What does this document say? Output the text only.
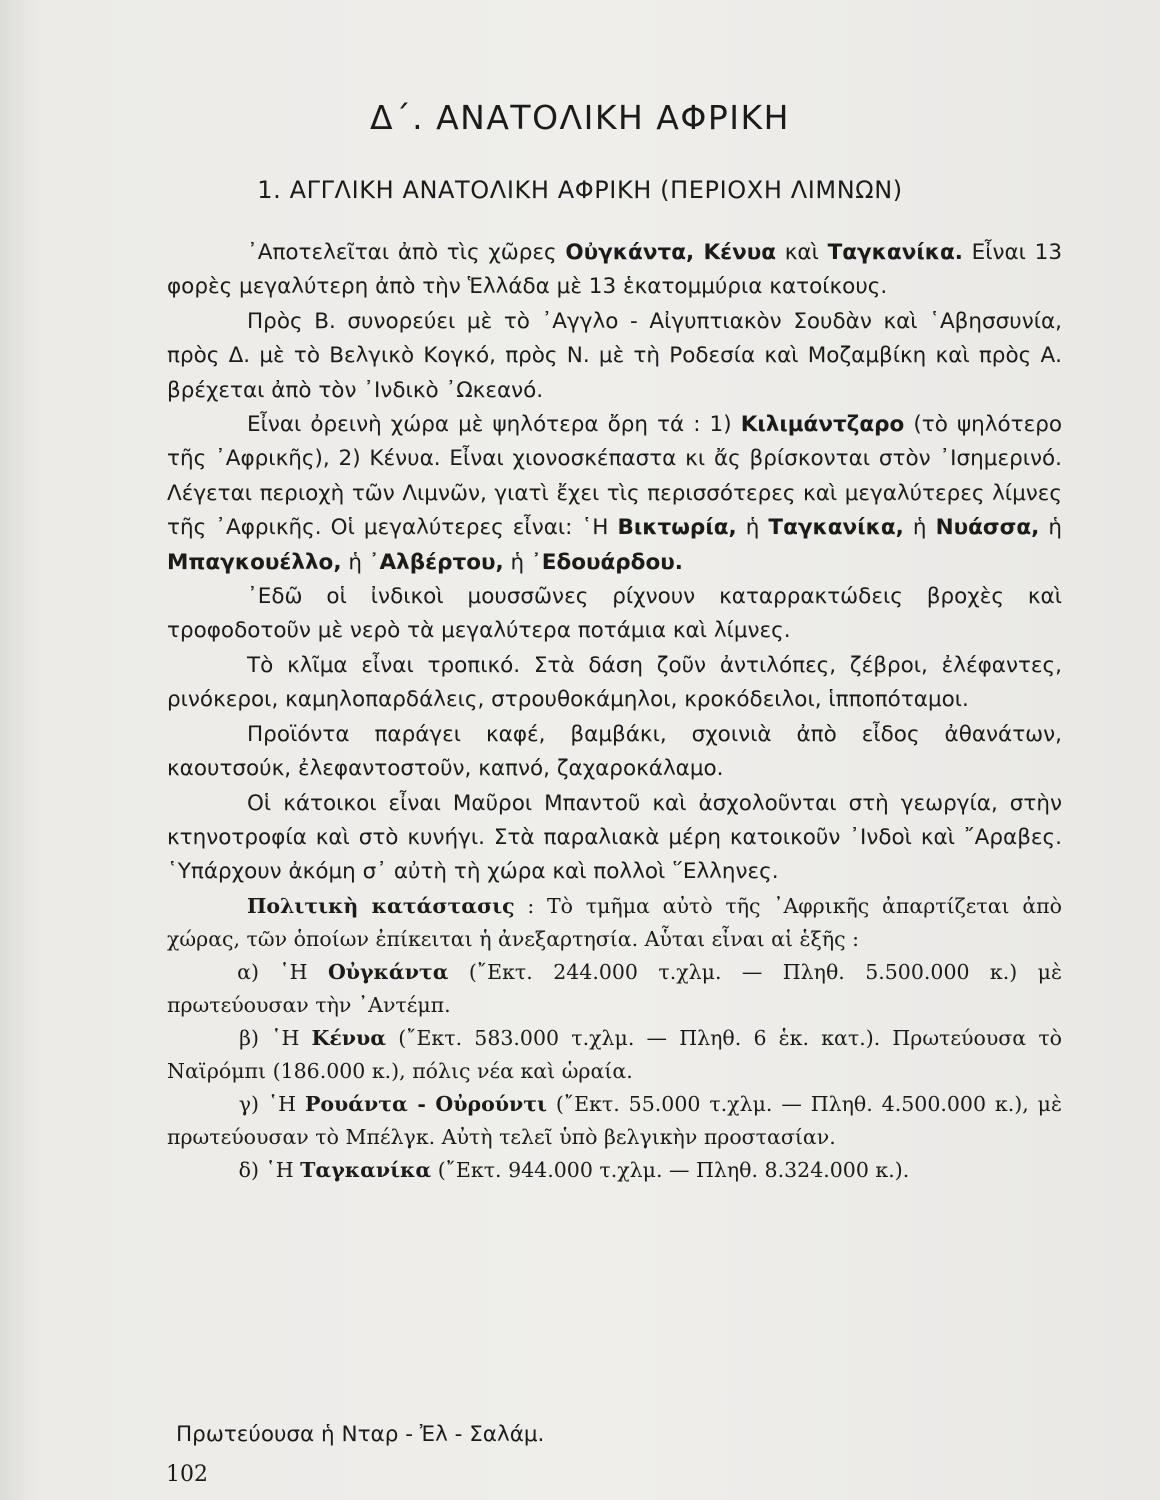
Δ΄. ΑΝΑΤΟΛΙΚΗ ΑΦΡΙΚΗ
1. ΑΓΓΛΙΚΗ ΑΝΑΤΟΛΙΚΗ ΑΦΡΙΚΗ (ΠΕΡΙΟΧΗ ΛΙΜΝΩΝ)

᾿Αποτελεῖται ἀπὸ τὶς χῶρες Οὐγκάντα, Κένυα καὶ Ταγκανίκα. Εἶναι 13 φορὲς μεγαλύτερη ἀπὸ τὴν Ἑλλάδα μὲ 13 ἑκατομμύρια κατοίκους.

Πρὸς Β. συνορεύει μὲ τὸ ᾿Αγγλο - Αἰγυπτιακὸν Σουδὰν καὶ ῾Αβησσυνία, πρὸς Δ. μὲ τὸ Βελγικὸ Κογκό, πρὸς Ν. μὲ τὴ Ροδεσία καὶ Μοζαμβίκη καὶ πρὸς Α. βρέχεται ἀπὸ τὸν ᾿Ινδικὸ ᾿Ωκεανό.

Εἶναι ὀρεινὴ χώρα μὲ ψηλότερα ὄρη τά : 1) Κιλιμάντζαρο (τὸ ψηλότερο τῆς ᾿Αφρικῆς), 2) Κένυα. Εἶναι χιονοσκέπαστα κι ἄς βρίσκονται στὸν ᾿Ισημερινό. Λέγεται περιοχὴ τῶν Λιμνῶν, γιατὶ ἔχει τὶς περισσότερες καὶ μεγαλύτερες λίμνες τῆς ᾿Αφρικῆς. Οἱ μεγαλύτερες εἶναι: ῾Η Βικτωρία, ἡ Ταγκανίκα, ἡ Νυάσσα, ἡ Μπαγκουέλλο, ἡ ᾿Αλβέρτου, ἡ ᾿Εδουάρδου.

᾿Εδῶ οἱ ἰνδικοὶ μουσσῶνες ρίχνουν καταρρακτώδεις βροχὲς καὶ τροφοδοτοῦν μὲ νερὸ τὰ μεγαλύτερα ποτάμια καὶ λίμνες.

Τὸ κλῖμα εἶναι τροπικό. Στὰ δάση ζοῦν ἀντιλόπες, ζέβροι, ἐλέφαντες, ρινόκεροι, καμηλοπαρδάλεις, στρουθοκάμηλοι, κροκόδειλοι, ἱπποπόταμοι.

Προϊόντα παράγει καφέ, βαμβάκι, σχοινιὰ ἀπὸ εἶδος ἀθανάτων, καουτσούκ, ἐλεφαντοστοῦν, καπνό, ζαχαροκάλαμο.

Οἱ κάτοικοι εἶναι Μαῦροι Μπαντοῦ καὶ ἀσχολοῦνται στὴ γεωργία, στὴν κτηνοτροφία καὶ στὸ κυνήγι. Στὰ παραλιακὰ μέρη κατοικοῦν ᾿Ινδοὶ καὶ ῎Αραβες. ῾Υπάρχουν ἀκόμη σ᾿ αὐτὴ τὴ χώρα καὶ πολλοὶ ῞Ελληνες.

Πολιτικὴ κατάστασις : Τὸ τμῆμα αὐτὸ τῆς ᾿Αφρικῆς ἀπαρτίζεται ἀπὸ χώρας, τῶν ὁποίων ἐπίκειται ἡ ἀνεξαρτησία. Αὗται εἶναι αἱ ἑξῆς :

α) ῾Η Οὐγκάντα (῎Εκτ. 244.000 τ.χλμ. — Πληθ. 5.500.000 κ.) μὲ πρωτεύουσαν τὴν ᾿Αντέμπ.

β) ῾Η Κένυα (῎Εκτ. 583.000 τ.χλμ. — Πληθ. 6 ἑκ. κατ.). Πρωτεύουσα τὸ Ναϊρόμπι (186.000 κ.), πόλις νέα καὶ ὡραία.

γ) ῾Η Ρουάντα - Οὐρούντι (῎Εκτ. 55.000 τ.χλμ. — Πληθ. 4.500.000 κ.), μὲ πρωτεύουσαν τὸ Μπέλγκ. Αὐτὴ τελεῖ ὑπὸ βελγικὴν προστασίαν.

δ) ῾Η Ταγκανίκα (῎Εκτ. 944.000 τ.χλμ. — Πληθ. 8.324.000 κ.).

Πρωτεύουσα ἡ Νταρ - Ἐλ - Σαλάμ.
102
